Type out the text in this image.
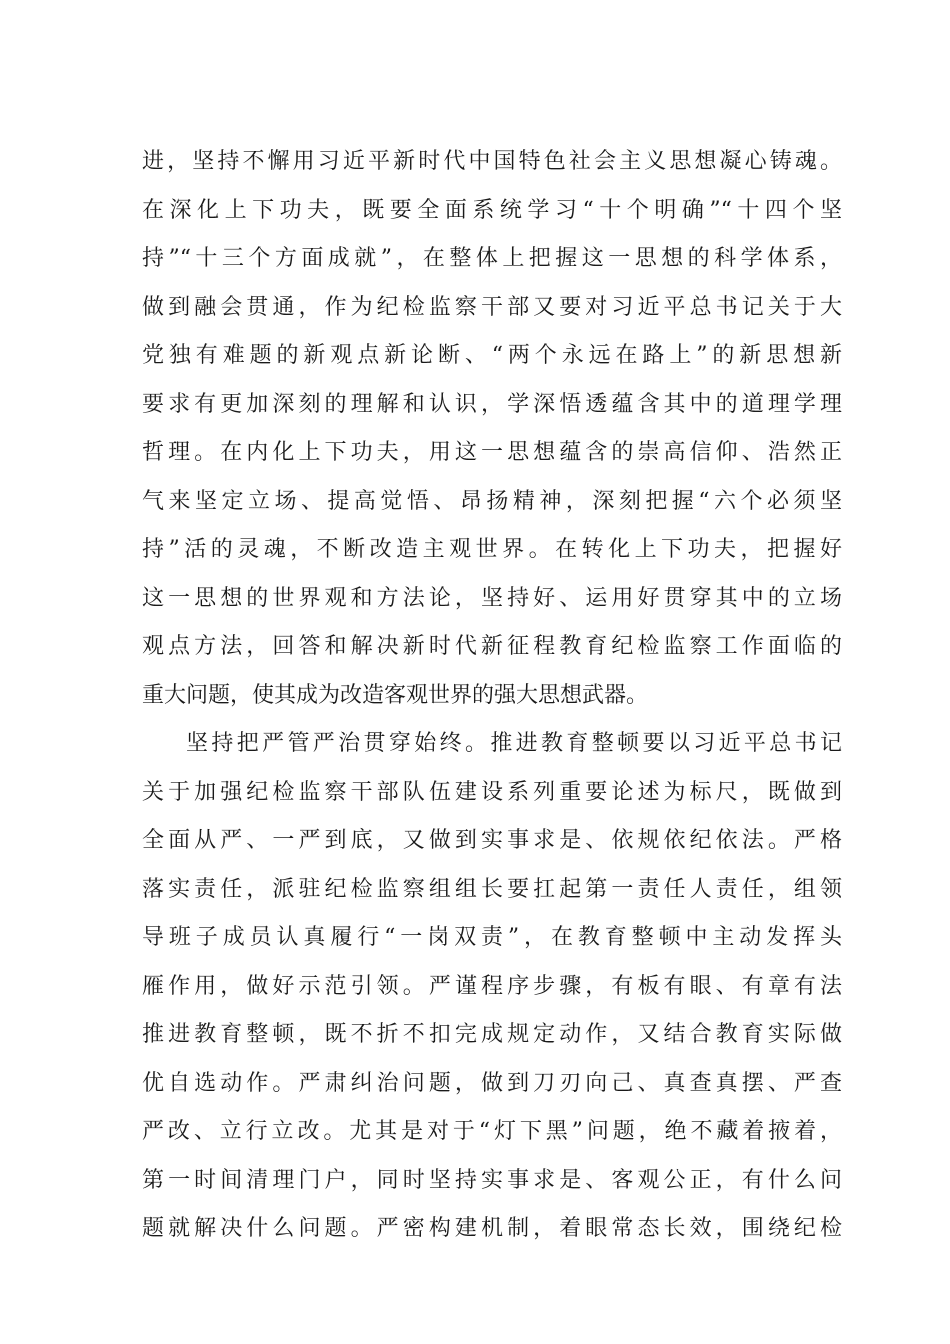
进，坚持不懈用习近平新时代中国特色社会主义思想凝心铸魂。
在深化上下功夫，既要全面系统学习“十个明确”“十四个坚
持”“十三个方面成就”，在整体上把握这一思想的科学体系，
做到融会贯通，作为纪检监察干部又要对习近平总书记关于大
党独有难题的新观点新论断、“两个永远在路上”的新思想新
要求有更加深刻的理解和认识，学深悟透蕴含其中的道理学理
哲理。在内化上下功夫，用这一思想蕴含的崇高信仰、浩然正
气来坚定立场、提高觉悟、昂扬精神，深刻把握“六个必须坚
持”活的灵魂，不断改造主观世界。在转化上下功夫，把握好
这一思想的世界观和方法论，坚持好、运用好贯穿其中的立场
观点方法，回答和解决新时代新征程教育纪检监察工作面临的
重大问题，使其成为改造客观世界的强大思想武器。
坚持把严管严治贯穿始终。推进教育整顿要以习近平总书记
关于加强纪检监察干部队伍建设系列重要论述为标尺，既做到
全面从严、一严到底，又做到实事求是、依规依纪依法。严格
落实责任，派驻纪检监察组组长要扛起第一责任人责任，组领
导班子成员认真履行“一岗双责”，在教育整顿中主动发挥头
雁作用，做好示范引领。严谨程序步骤，有板有眼、有章有法
推进教育整顿，既不折不扣完成规定动作，又结合教育实际做
优自选动作。严肃纠治问题，做到刀刃向己、真查真摆、严查
严改、立行立改。尤其是对于“灯下黑”问题，绝不藏着掖着，
第一时间清理门户，同时坚持实事求是、客观公正，有什么问
题就解决什么问题。严密构建机制，着眼常态长效，围绕纪检
